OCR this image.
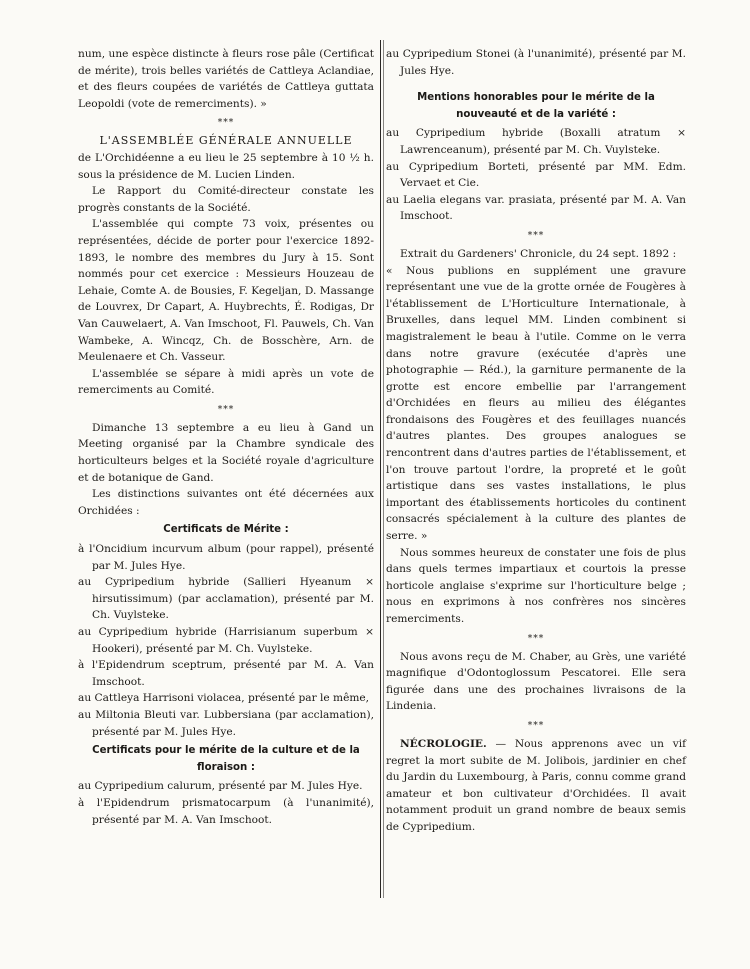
num, une espèce distincte à fleurs rose pâle (Certificat de mérite), trois belles variétés de Cattleya Aclandiae, et des fleurs coupées de variétés de Cattleya guttata Leopoldi (vote de remerciments). »

***

L'ASSEMBLÉE GÉNÉRALE ANNUELLE

de L'Orchidéenne a eu lieu le 25 septembre à 10 ½ h. sous la présidence de M. Lucien Linden.

Le Rapport du Comité-directeur constate les progrès constants de la Société.

L'assemblée qui compte 73 voix, présentes ou représentées, décide de porter pour l'exercice 1892-1893, le nombre des membres du Jury à 15. Sont nommés pour cet exercice : Messieurs Houzeau de Lehaie, Comte A. de Bousies, F. Kegeljan, D. Massange de Louvrex, Dr Capart, A. Huybrechts, É. Rodigas, Dr Van Cauwelaert, A. Van Imschoot, Fl. Pauwels, Ch. Van Wambeke, A. Wincqz, Ch. de Bosschère, Arn. de Meulenaere et Ch. Vasseur.

L'assemblée se sépare à midi après un vote de remerciments au Comité.

***

Dimanche 13 septembre a eu lieu à Gand un Meeting organisé par la Chambre syndicale des horticulteurs belges et la Société royale d'agriculture et de botanique de Gand.

Les distinctions suivantes ont été décernées aux Orchidées :

Certificats de Mérite :

à l'Oncidium incurvum album (pour rappel), présenté par M. Jules Hye.

au Cypripedium hybride (Sallieri Hyeanum × hirsutissimum) (par acclamation), présenté par M. Ch. Vuylsteke.

au Cypripedium hybride (Harrisianum superbum × Hookeri), présenté par M. Ch. Vuylsteke.

à l'Epidendrum sceptrum, présenté par M. A. Van Imschoot.

au Cattleya Harrisoni violacea, présenté par le même,

au Miltonia Bleuti var. Lubbersiana (par acclamation), présenté par M. Jules Hye.

Certificats pour le mérite de la culture et de la floraison :

au Cypripedium calurum, présenté par M. Jules Hye.

à l'Epidendrum prismatocarpum (à l'unanimité), présenté par M. A. Van Imschoot.

au Cypripedium Stonei (à l'unanimité), présenté par M. Jules Hye.

Mentions honorables pour le mérite de la nouveauté et de la variété :

au Cypripedium hybride (Boxalli atratum × Lawrenceanum), présenté par M. Ch. Vuylsteke.

au Cypripedium Borteti, présenté par MM. Edm. Vervaet et Cie.

au Laelia elegans var. prasiata, présenté par M. A. Van Imschoot.

***

Extrait du Gardeners' Chronicle, du 24 sept. 1892 :

« Nous publions en supplément une gravure représentant une vue de la grotte ornée de Fougères à l'établissement de L'Horticulture Internationale, à Bruxelles, dans lequel MM. Linden combinent si magistralement le beau à l'utile. Comme on le verra dans notre gravure (exécutée d'après une photographie — Réd.), la garniture permanente de la grotte est encore embellie par l'arrangement d'Orchidées en fleurs au milieu des élégantes frondaisons des Fougères et des feuillages nuancés d'autres plantes. Des groupes analogues se rencontrent dans d'autres parties de l'établissement, et l'on trouve partout l'ordre, la propreté et le goût artistique dans ses vastes installations, le plus important des établissements horticoles du continent consacrés spécialement à la culture des plantes de serre. »

Nous sommes heureux de constater une fois de plus dans quels termes impartiaux et courtois la presse horticole anglaise s'exprime sur l'horticulture belge ; nous en exprimons à nos confrères nos sincères remerciments.

***

Nous avons reçu de M. Chaber, au Grès, une variété magnifique d'Odontoglossum Pescatorei. Elle sera figurée dans une des prochaines livraisons de la Lindenia.

***

NÉCROLOGIE. — Nous apprenons avec un vif regret la mort subite de M. Jolibois, jardinier en chef du Jardin du Luxembourg, à Paris, connu comme grand amateur et bon cultivateur d'Orchidées. Il avait notamment produit un grand nombre de beaux semis de Cypripedium.
